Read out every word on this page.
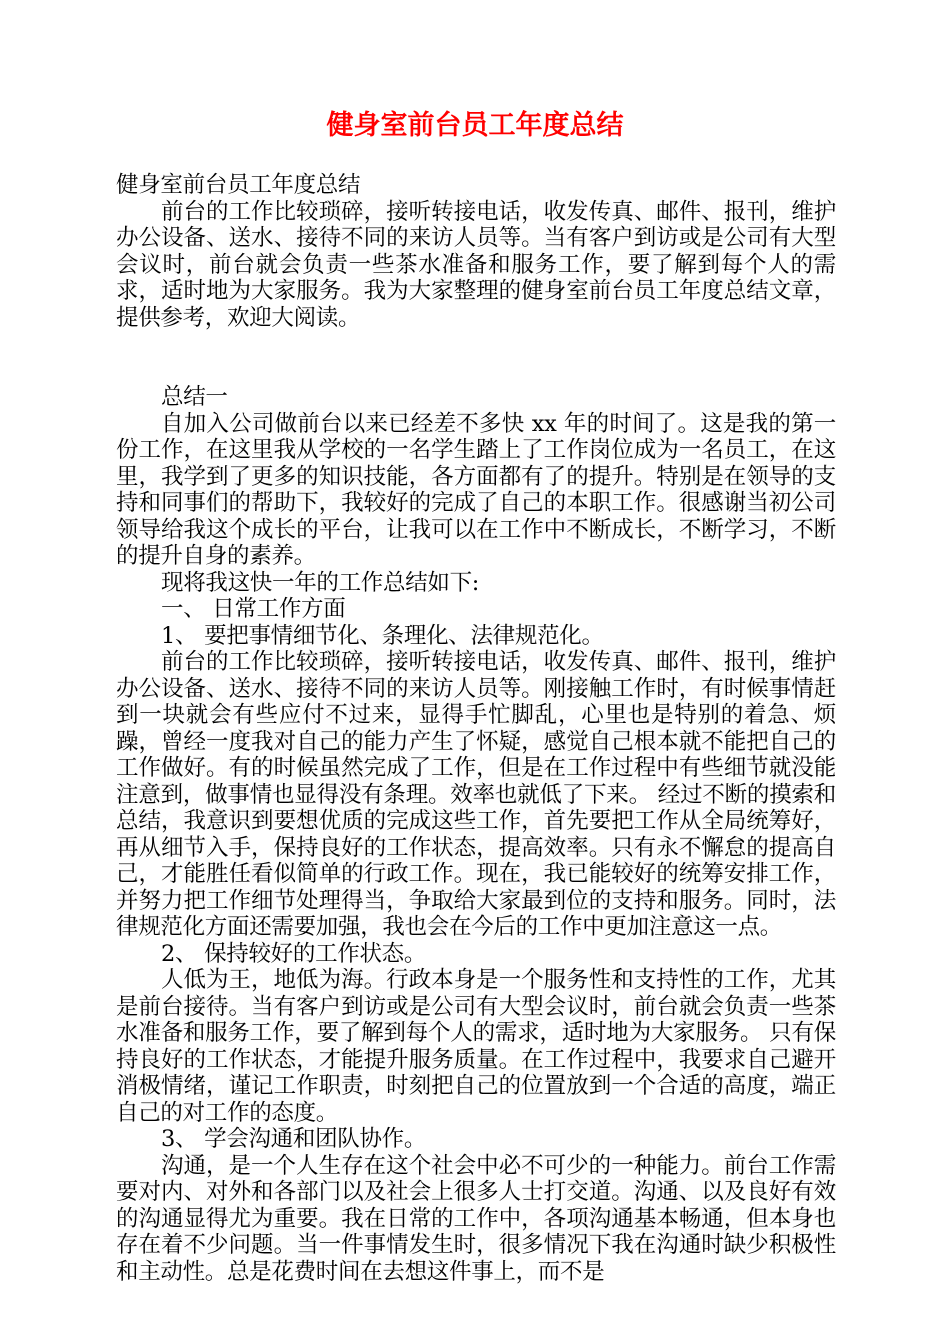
健身室前台员工年度总结

健身室前台员工年度总结

前台的工作比较琐碎，接听转接电话，收发传真、邮件、报刊，维护办公设备、送水、接待不同的来访人员等。当有客户到访或是公司有大型会议时，前台就会负责一些茶水准备和服务工作，要了解到每个人的需求，适时地为大家服务。我为大家整理的健身室前台员工年度总结文章，提供参考，欢迎大阅读。

总结一

自加入公司做前台以来已经差不多快 xx 年的时间了。这是我的第一份工作，在这里我从学校的一名学生踏上了工作岗位成为一名员工，在这里，我学到了更多的知识技能，各方面都有了的提升。特别是在领导的支持和同事们的帮助下，我较好的完成了自己的本职工作。很感谢当初公司领导给我这个成长的平台，让我可以在工作中不断成长，不断学习，不断的提升自身的素养。

现将我这快一年的工作总结如下:

一、 日常工作方面

1、 要把事情细节化、条理化、法律规范化。

前台的工作比较琐碎，接听转接电话，收发传真、邮件、报刊，维护办公设备、送水、接待不同的来访人员等。刚接触工作时，有时候事情赶到一块就会有些应付不过来，显得手忙脚乱，心里也是特别的着急、烦躁，曾经一度我对自己的能力产生了怀疑，感觉自己根本就不能把自己的工作做好。有的时候虽然完成了工作，但是在工作过程中有些细节就没能注意到，做事情也显得没有条理。效率也就低了下来。 经过不断的摸索和总结，我意识到要想优质的完成这些工作，首先要把工作从全局统筹好，再从细节入手，保持良好的工作状态，提高效率。只有永不懈怠的提高自己，才能胜任看似简单的行政工作。现在，我已能较好的统筹安排工作，并努力把工作细节处理得当，争取给大家最到位的支持和服务。同时，法律规范化方面还需要加强，我也会在今后的工作中更加注意这一点。

2、 保持较好的工作状态。

人低为王，地低为海。行政本身是一个服务性和支持性的工作，尤其是前台接待。当有客户到访或是公司有大型会议时，前台就会负责一些茶水准备和服务工作，要了解到每个人的需求，适时地为大家服务。 只有保持良好的工作状态，才能提升服务质量。在工作过程中，我要求自己避开消极情绪，谨记工作职责，时刻把自己的位置放到一个合适的高度，端正自己的对工作的态度。

3、 学会沟通和团队协作。

沟通，是一个人生存在这个社会中必不可少的一种能力。前台工作需要对内、对外和各部门以及社会上很多人士打交道。沟通、以及良好有效的沟通显得尤为重要。我在日常的工作中，各项沟通基本畅通，但本身也存在着不少问题。当一件事情发生时，很多情况下我在沟通时缺少积极性和主动性。总是花费时间在去想这件事上，而不是
